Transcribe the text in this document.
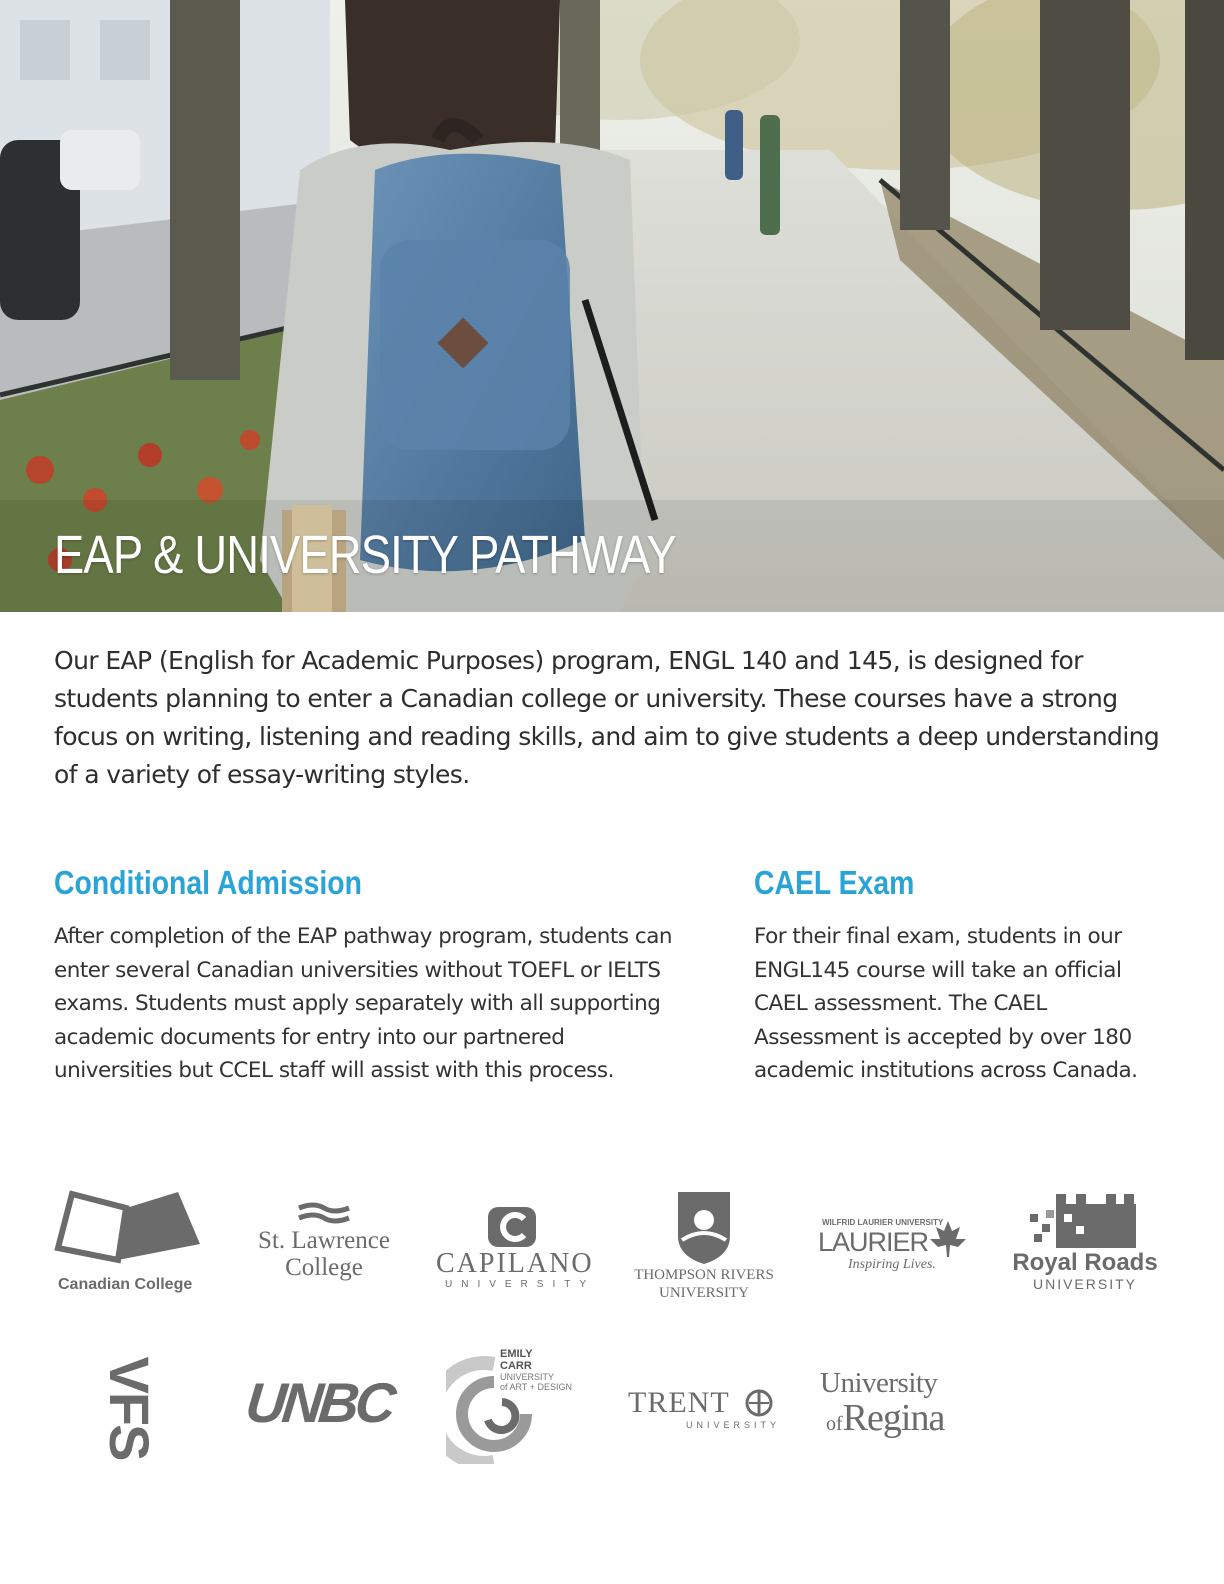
EAP & UNIVERSITY PATHWAY

Our EAP (English for Academic Purposes) program, ENGL 140 and 145, is designed for students planning to enter a Canadian college or university. These courses have a strong focus on writing, listening and reading skills, and aim to give students a deep understanding of a variety of essay-writing styles.

Conditional Admission

After completion of the EAP pathway program, students can enter several Canadian universities without TOEFL or IELTS exams. Students must apply separately with all supporting academic documents for entry into our partnered universities but CCEL staff will assist with this process.

CAEL Exam

For their final exam, students in our ENGL145 course will take an official CAEL assessment. The CAEL Assessment is accepted by over 180 academic institutions across Canada.

Canadian College
St. Lawrence
College	CAPILANO
UNIVERSITY
THOMPSON RIVERS
UNIVERSITY
WILFRID LAURIER UNIVERSITY
LAURIER
Inspiring Lives.	Royal Roads
UNIVERSITY
VFS UNBC
EMILY
CARR
UNIVERSITY
of ART + DESIGN	TRENT
UNIVERSITY
University
ofRegina
